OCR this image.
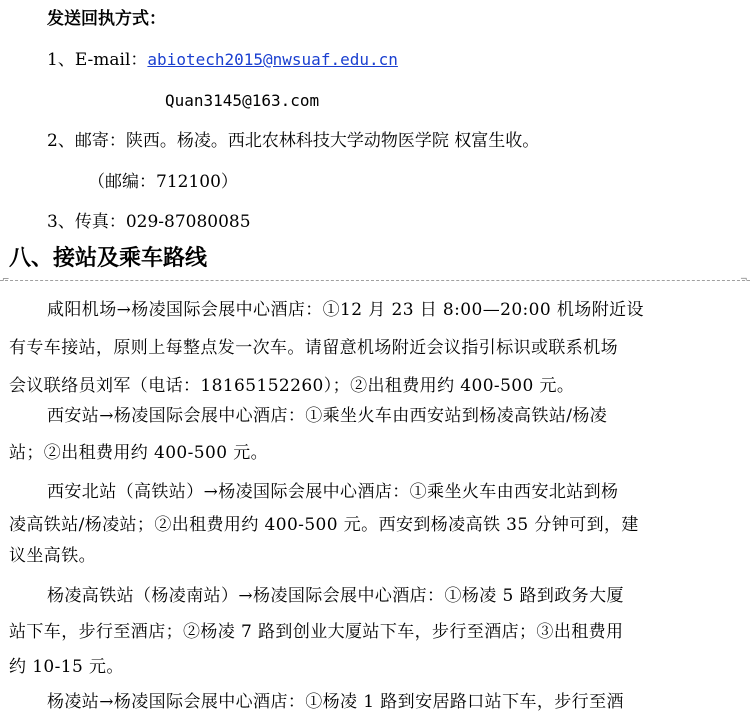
发送回执方式：
1、E-mail：abiotech2015@nwsuaf.edu.cn
Quan3145@163.com
2、邮寄：陕西。杨凌。西北农林科技大学动物医学院 权富生收。
（邮编：712100）
3、传真：029-87080085
八、接站及乘车路线
⌐	¬
咸阳机场→杨凌国际会展中心酒店：①12 月 23 日 8:00—20:00 机场附近设
有专车接站，原则上每整点发一次车。请留意机场附近会议指引标识或联系机场
会议联络员刘军（电话：18165152260）；②出租费用约 400-500 元。
西安站→杨凌国际会展中心酒店：①乘坐火车由西安站到杨凌高铁站/杨凌
站；②出租费用约 400-500 元。
西安北站（高铁站）→杨凌国际会展中心酒店：①乘坐火车由西安北站到杨
凌高铁站/杨凌站；②出租费用约 400-500 元。西安到杨凌高铁 35 分钟可到，建
议坐高铁。
杨凌高铁站（杨凌南站）→杨凌国际会展中心酒店：①杨凌 5 路到政务大厦
站下车，步行至酒店；②杨凌 7 路到创业大厦站下车，步行至酒店；③出租费用
约 10-15 元。
杨凌站→杨凌国际会展中心酒店：①杨凌 1 路到安居路口站下车，步行至酒
